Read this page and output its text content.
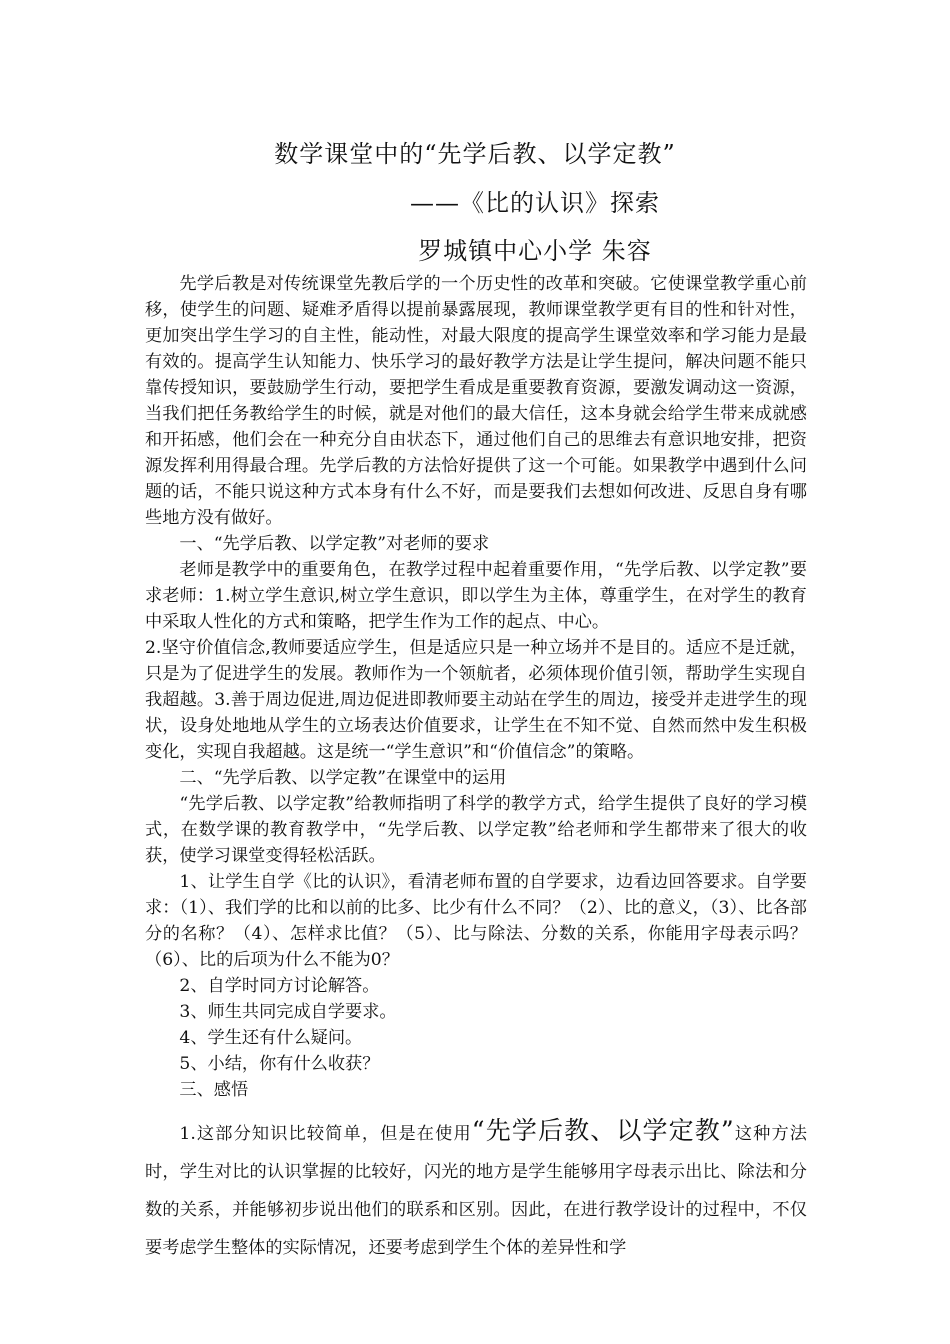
数学课堂中的“先学后教、以学定教”
——《比的认识》探索
罗城镇中心小学 朱容

先学后教是对传统课堂先教后学的一个历史性的改革和突破。它使课堂教学重心前移，使学生的问题、疑难矛盾得以提前暴露展现，教师课堂教学更有目的性和针对性，更加突出学生学习的自主性，能动性，对最大限度的提高学生课堂效率和学习能力是最有效的。提高学生认知能力、快乐学习的最好教学方法是让学生提问，解决问题不能只靠传授知识，要鼓励学生行动，要把学生看成是重要教育资源，要激发调动这一资源，当我们把任务教给学生的时候，就是对他们的最大信任，这本身就会给学生带来成就感和开拓感，他们会在一种充分自由状态下，通过他们自己的思维去有意识地安排，把资源发挥利用得最合理。先学后教的方法恰好提供了这一个可能。如果教学中遇到什么问题的话，不能只说这种方式本身有什么不好，而是要我们去想如何改进、反思自身有哪些地方没有做好。

一、“先学后教、以学定教”对老师的要求

老师是教学中的重要角色，在教学过程中起着重要作用，“先学后教、以学定教”要求老师：1.树立学生意识,树立学生意识，即以学生为主体，尊重学生，在对学生的教育中采取人性化的方式和策略，把学生作为工作的起点、中心。

2.坚守价值信念,教师要适应学生，但是适应只是一种立场并不是目的。适应不是迁就，只是为了促进学生的发展。教师作为一个领航者，必须体现价值引领，帮助学生实现自我超越。3.善于周边促进,周边促进即教师要主动站在学生的周边，接受并走进学生的现状，设身处地地从学生的立场表达价值要求，让学生在不知不觉、自然而然中发生积极变化，实现自我超越。这是统一“学生意识”和“价值信念”的策略。

二、“先学后教、以学定教”在课堂中的运用

“先学后教、以学定教”给教师指明了科学的教学方式，给学生提供了良好的学习模式，在数学课的教育教学中，“先学后教、以学定教”给老师和学生都带来了很大的收获，使学习课堂变得轻松活跃。

1、让学生自学《比的认识》，看清老师布置的自学要求，边看边回答要求。自学要求：（1）、我们学的比和以前的比多、比少有什么不同？（2）、比的意义，（3）、比各部分的名称？（4）、怎样求比值？（5）、比与除法、分数的关系，你能用字母表示吗？ （6）、比的后项为什么不能为0？

2、自学时同方讨论解答。

3、师生共同完成自学要求。

4、学生还有什么疑问。

5、小结，你有什么收获？

三、感悟

1.这部分知识比较简单，但是在使用“先学后教、以学定教”这种方法时，学生对比的认识掌握的比较好，闪光的地方是学生能够用字母表示出比、除法和分数的关系，并能够初步说出他们的联系和区别。因此，在进行教学设计的过程中，不仅要考虑学生整体的实际情况，还要考虑到学生个体的差异性和学
